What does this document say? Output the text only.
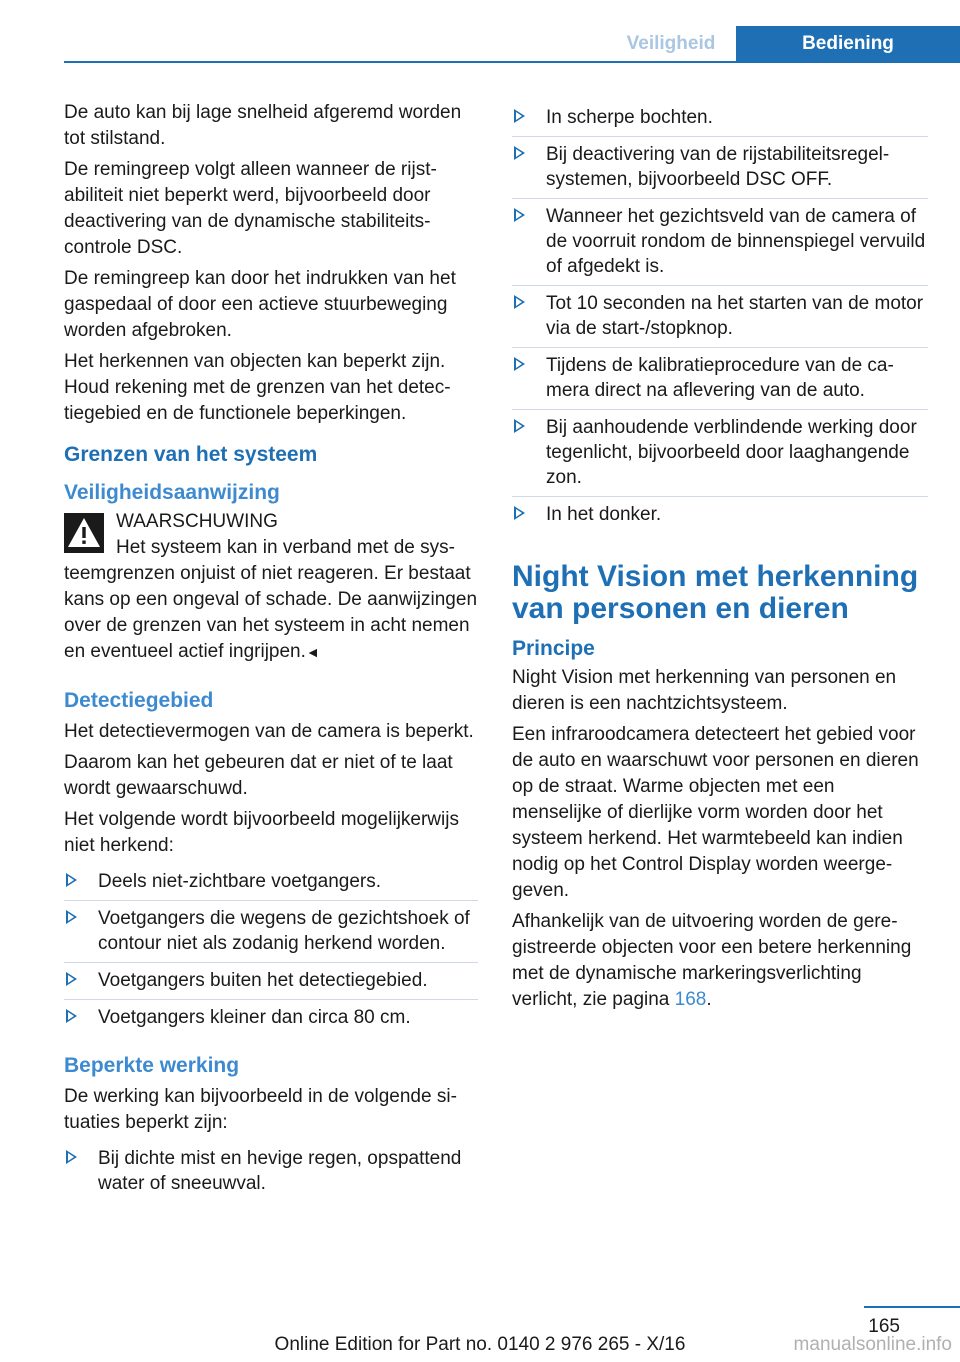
Veiligheid	Bediening

De auto kan bij lage snelheid afgeremd worden tot stilstand.

De remingreep volgt alleen wanneer de rijstabiliteit niet beperkt werd, bijvoorbeeld door deactivering van de dynamische stabiliteitscontrole DSC.

De remingreep kan door het indrukken van het gaspedaal of door een actieve stuurbeweging worden afgebroken.

Het herkennen van objecten kan beperkt zijn. Houd rekening met de grenzen van het detectiegebied en de functionele beperkingen.

Grenzen van het systeem
Veiligheidsaanwijzing
WAARSCHUWING

Het systeem kan in verband met de systeemgrenzen onjuist of niet reageren. Er bestaat kans op een ongeval of schade. De aanwijzingen over de grenzen van het systeem in acht nemen en eventueel actief ingrijpen.◄

Detectiegebied

Het detectievermogen van de camera is beperkt.

Daarom kan het gebeuren dat er niet of te laat wordt gewaarschuwd.

Het volgende wordt bijvoorbeeld mogelijkerwijs niet herkend:

Deels niet-zichtbare voetgangers.
Voetgangers die wegens de gezichtshoek of contour niet als zodanig herkend worden.
Voetgangers buiten het detectiegebied.
Voetgangers kleiner dan circa 80 cm.
Beperkte werking

De werking kan bijvoorbeeld in de volgende situaties beperkt zijn:

Bij dichte mist en hevige regen, opspattend water of sneeuwval.
In scherpe bochten.
Bij deactivering van de rijstabiliteitsregelsystemen, bijvoorbeeld DSC OFF.
Wanneer het gezichtsveld van de camera of de voorruit rondom de binnenspiegel vervuild of afgedekt is.
Tot 10 seconden na het starten van de motor via de start-/stopknop.
Tijdens de kalibratieprocedure van de camera direct na aflevering van de auto.
Bij aanhoudende verblindende werking door tegenlicht, bijvoorbeeld door laaghangende zon.
In het donker.
Night Vision met herkenning van personen en dieren
Principe

Night Vision met herkenning van personen en dieren is een nachtzichtsysteem.

Een infraroodcamera detecteert het gebied voor de auto en waarschuwt voor personen en dieren op de straat. Warme objecten met een menselijke of dierlijke vorm worden door het systeem herkend. Het warmtebeeld kan indien nodig op het Control Display worden weergegeven.

Afhankelijk van de uitvoering worden de geregistreerde objecten voor een betere herkenning met de dynamische markeringsverlichting verlicht, zie pagina 168.

165
Online Edition for Part no. 0140 2 976 265 - X/16	manualsonline.info
